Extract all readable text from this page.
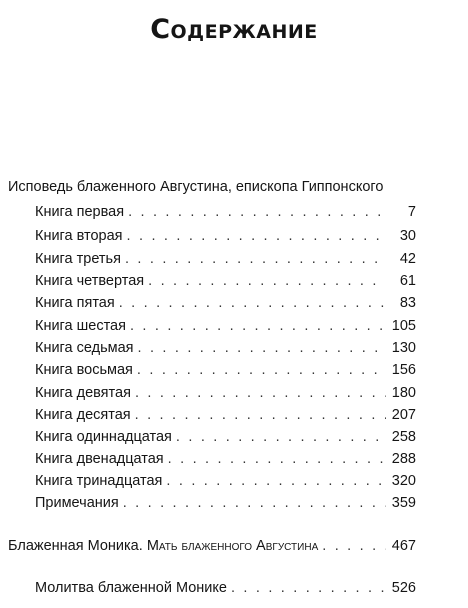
Содержание
Исповедь блаженного Августина, епископа Гиппонского
Книга первая . . .	7
Книга вторая . . .	30
Книга третья . . .	42
Книга четвертая . . .	61
Книга пятая . . .	83
Книга шестая . . .	105
Книга седьмая . . .	130
Книга восьмая . . .	156
Книга девятая . . .	180
Книга десятая . . .	207
Книга одиннадцатая . . .	258
Книга двенадцатая . . .	288
Книга тринадцатая . . .	320
Примечания . . .	359
Блаженная Моника. Мать блаженного Августина . . .	467
Молитва блаженной Монике . . .	526
